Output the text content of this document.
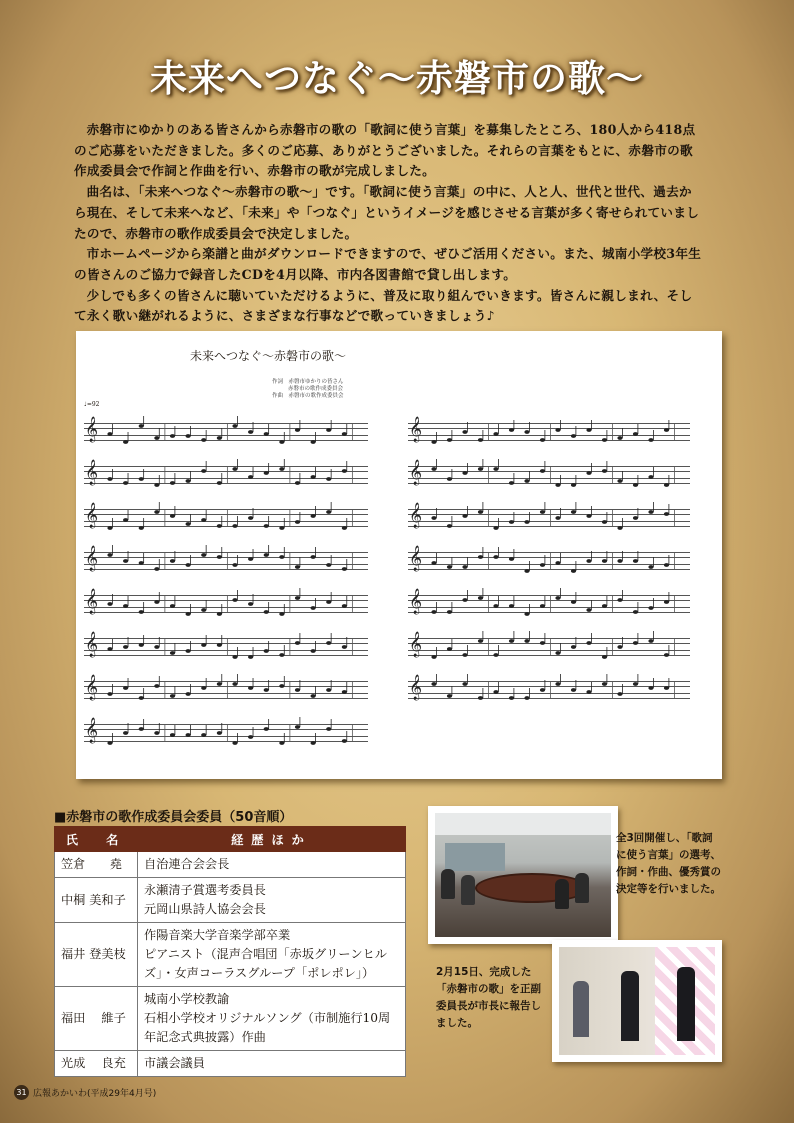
未来へつなぐ～赤磐市の歌～

赤磐市にゆかりのある皆さんから赤磐市の歌の「歌詞に使う言葉」を募集したところ、180人から418点のご応募をいただきました。多くのご応募、ありがとうございました。それらの言葉をもとに、赤磐市の歌作成委員会で作詞と作曲を行い、赤磐市の歌が完成しました。

曲名は、「未来へつなぐ～赤磐市の歌～」です。「歌詞に使う言葉」の中に、人と人、世代と世代、過去から現在、そして未来へなど、「未来」や「つなぐ」というイメージを感じさせる言葉が多く寄せられていましたので、赤磐市の歌作成委員会で決定しました。

市ホームページから楽譜と曲がダウンロードできますので、ぜひご活用ください。また、城南小学校3年生の皆さんのご協力で録音したCDを4月以降、市内各図書館で貸し出します。

少しでも多くの皆さんに聴いていただけるように、普及に取り組んでいきます。皆さんに親しまれ、そして永く歌い継がれるように、さまざまな行事などで歌っていきましょう♪

未来へつなぐ～赤磐市の歌～
作詞　 赤磐市ゆかりの皆さん
赤磐市の歌作成委員会
作曲　 赤磐市の歌作成委員会
♩=92
𝄞
𝄞
𝄞
𝄞
𝄞
𝄞
𝄞
𝄞
𝄞
𝄞
𝄞
𝄞
𝄞
𝄞
𝄞
■赤磐市の歌作成委員会委員（50音順）
氏　名	経歴ほか
笠倉　　堯	自治連合会会長

中桐 美和子	永瀬清子賞選考委員長
元岡山県詩人協会会長

福井 登美枝	作陽音楽大学音楽学部卒業
ピアニスト（混声合唱団「赤坂グリーンヒルズ」・女声コーラスグループ「ポレポレ」）

福田　 維子	城南小学校教諭
石相小学校オリジナルソング（市制施行10周年記念式典披露）作曲

光成　 良充	市議会議員
全3回開催し、「歌詞に使う言葉」の選考、作詞・作曲、優秀賞の決定等を行いました。
2月15日、完成した「赤磐市の歌」を正副委員長が市長に報告しました。
31 広報あかいわ(平成29年4月号)
